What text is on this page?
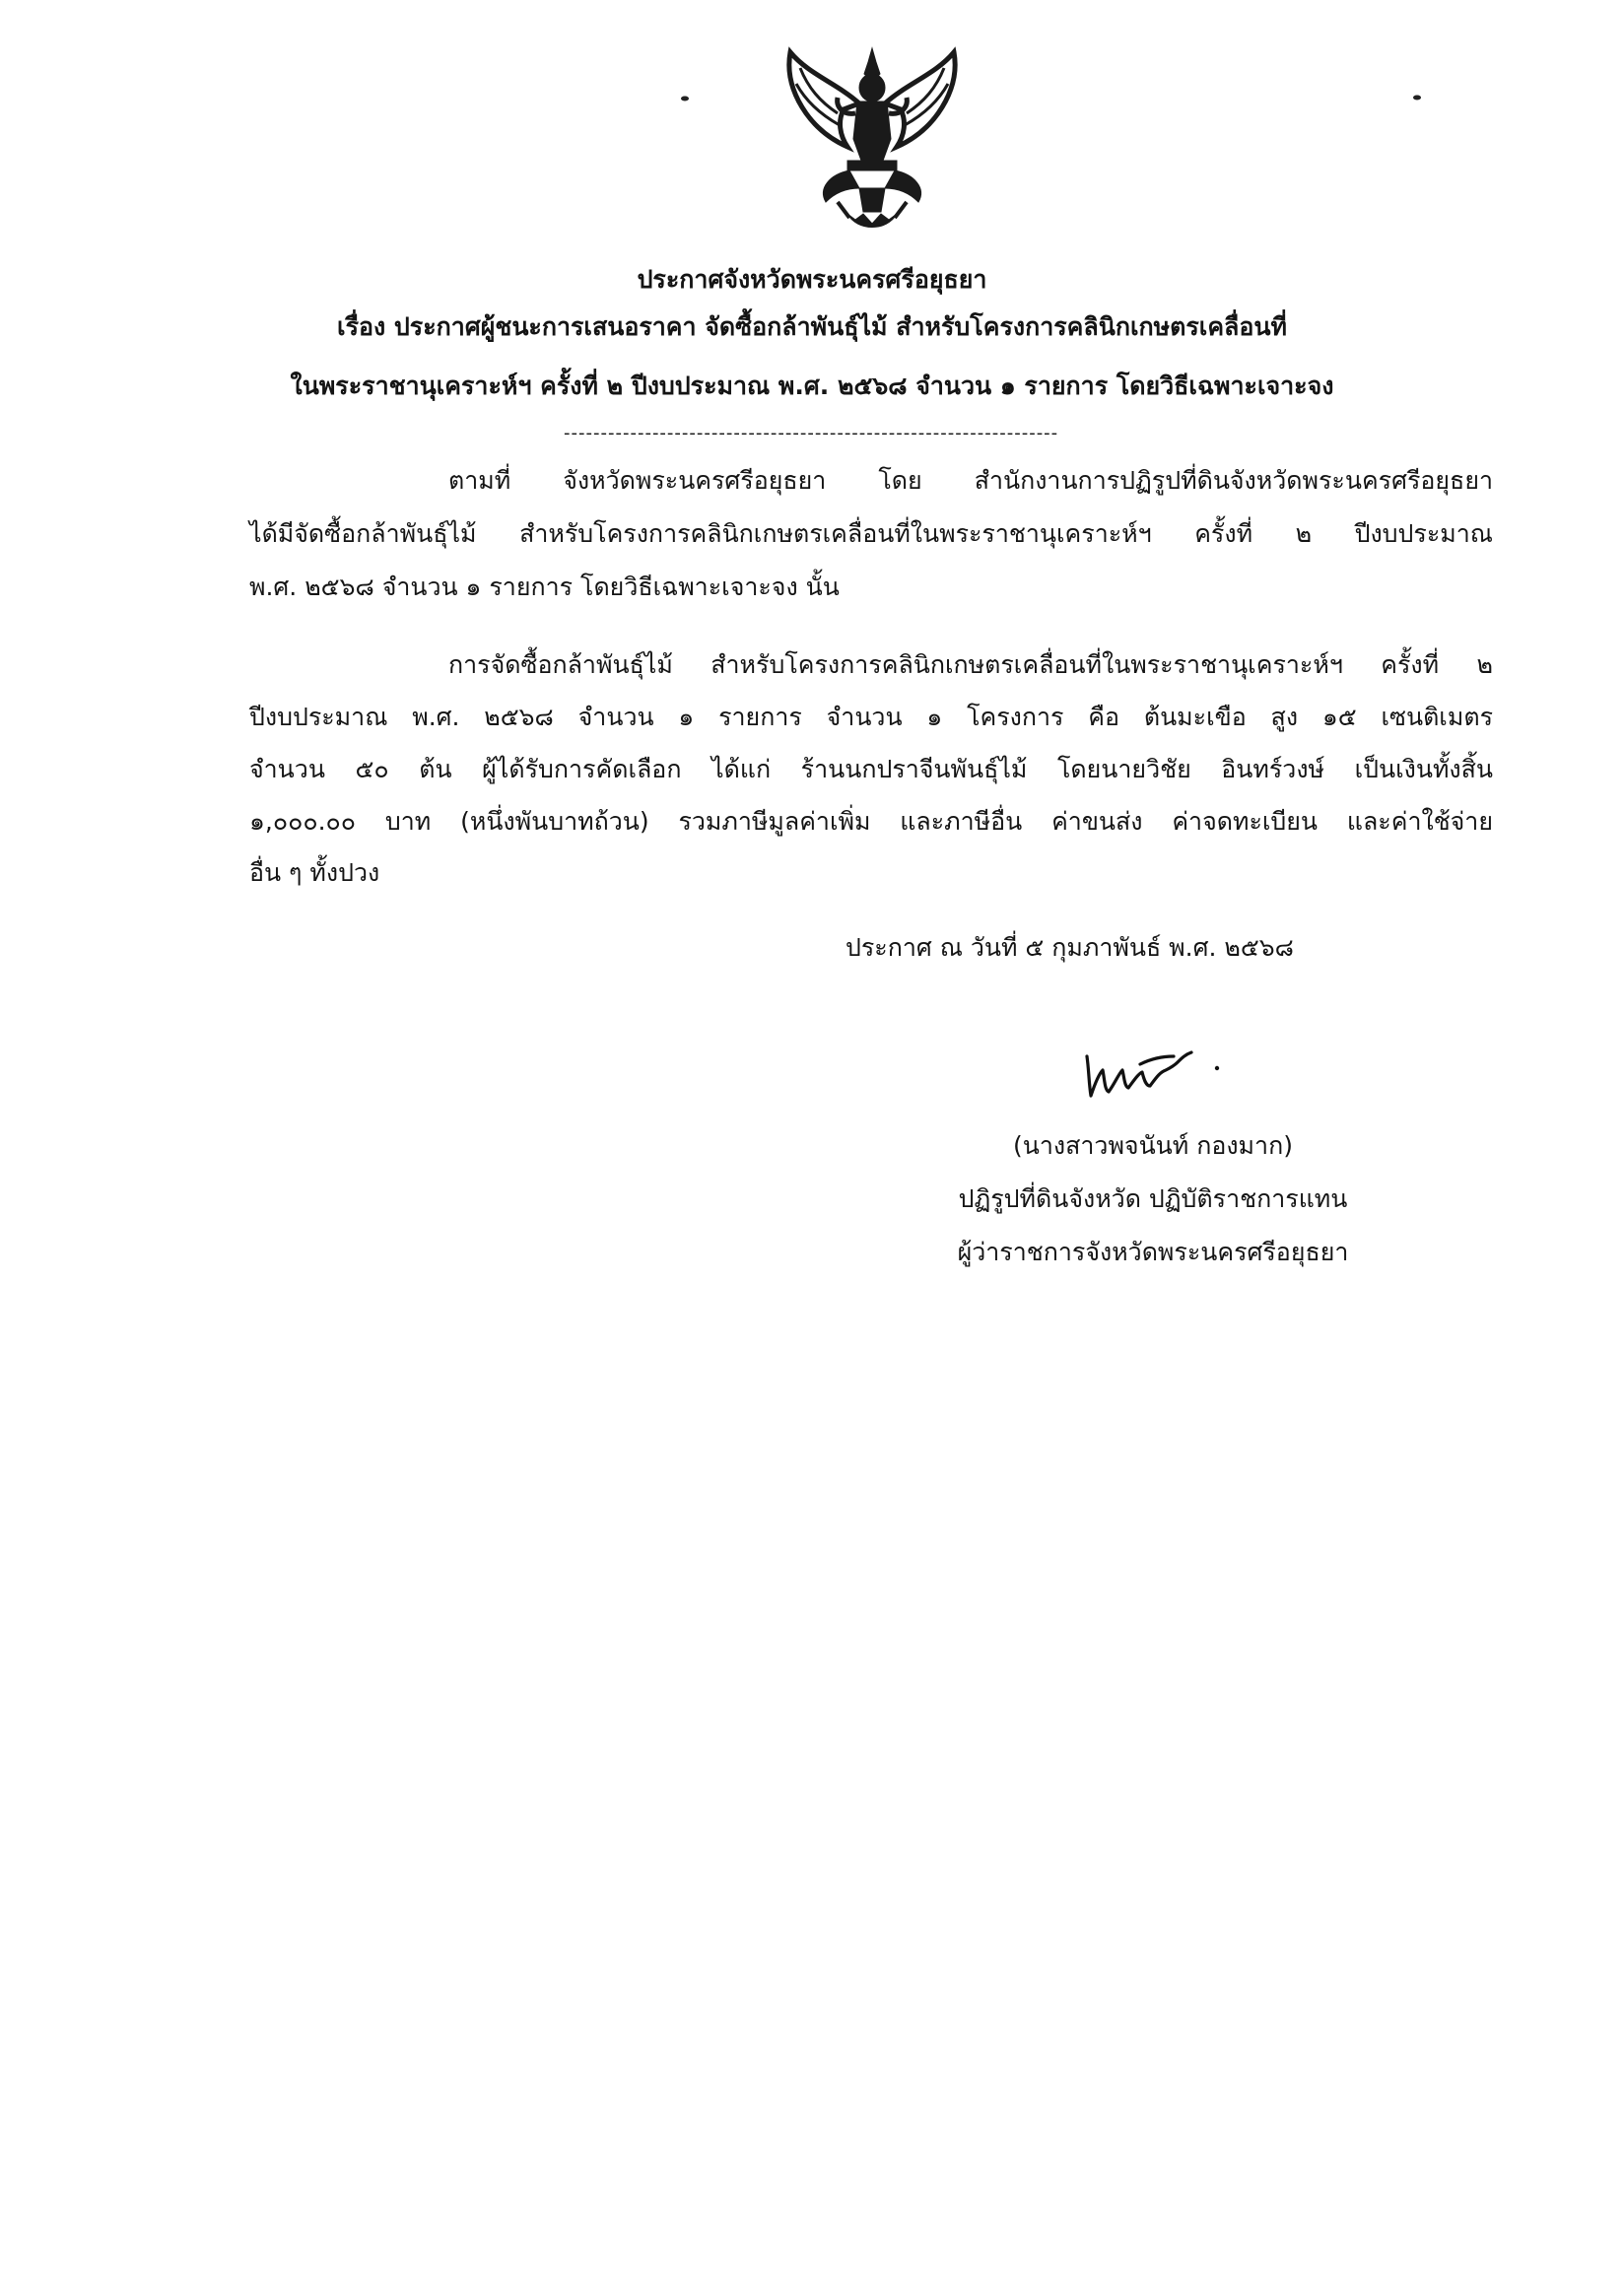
ประกาศจังหวัดพระนครศรีอยุธยา
เรื่อง ประกาศผู้ชนะการเสนอราคา จัดซื้อกล้าพันธุ์ไม้ สำหรับโครงการคลินิกเกษตรเคลื่อนที่
ในพระราชานุเคราะห์ฯ ครั้งที่ ๒ ปีงบประมาณ พ.ศ. ๒๕๖๘ จำนวน ๑ รายการ โดยวิธีเฉพาะเจาะจง
-------------------------------------------------------------------
ตามที่ จังหวัดพระนครศรีอยุธยา โดย สำนักงานการปฏิรูปที่ดินจังหวัดพระนครศรีอยุธยา
ได้มีจัดซื้อกล้าพันธุ์ไม้ สำหรับโครงการคลินิกเกษตรเคลื่อนที่ในพระราชานุเคราะห์ฯ ครั้งที่ ๒ ปีงบประมาณ
พ.ศ. ๒๕๖๘ จำนวน ๑ รายการ โดยวิธีเฉพาะเจาะจง นั้น
การจัดซื้อกล้าพันธุ์ไม้ สำหรับโครงการคลินิกเกษตรเคลื่อนที่ในพระราชานุเคราะห์ฯ ครั้งที่ ๒
ปีงบประมาณ พ.ศ. ๒๕๖๘ จำนวน ๑ รายการ จำนวน ๑ โครงการ คือ ต้นมะเขือ สูง ๑๕ เซนติเมตร
จำนวน ๕๐ ต้น ผู้ได้รับการคัดเลือก ได้แก่ ร้านนกปราจีนพันธุ์ไม้ โดยนายวิชัย อินทร์วงษ์ เป็นเงินทั้งสิ้น
๑,๐๐๐.๐๐ บาท (หนึ่งพันบาทถ้วน) รวมภาษีมูลค่าเพิ่ม และภาษีอื่น ค่าขนส่ง ค่าจดทะเบียน และค่าใช้จ่าย
อื่น ๆ ทั้งปวง
ประกาศ ณ วันที่ ๕ กุมภาพันธ์ พ.ศ. ๒๕๖๘
(นางสาวพจนันท์ กองมาก)
ปฏิรูปที่ดินจังหวัด ปฏิบัติราชการแทน
ผู้ว่าราชการจังหวัดพระนครศรีอยุธยา
